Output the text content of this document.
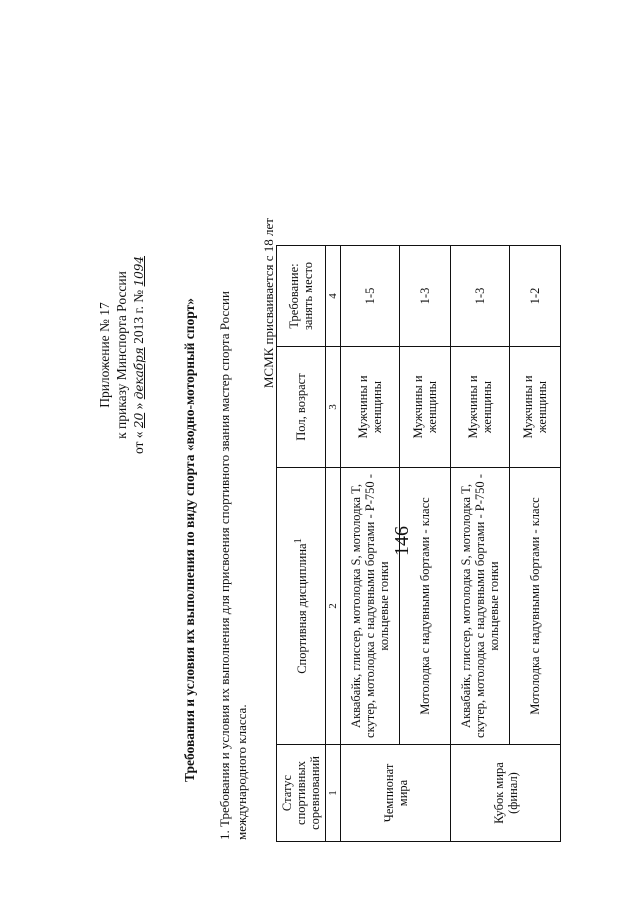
146
Приложение № 17 к приказу Минспорта России
от « 20 » декабря 2013 г. № 1094
Требования и условия их выполнения по виду спорта «водно-моторный спорт» 1. Требования и условия их выполнения для присвоения спортивного звания мастер спорта России международного класса.
МСМК присваивается с 18 лет
Статус спортивных соревнований	Спортивная дисциплина$^1$	Пол, возраст	Требование: занять место
1	2	3	4
Чемпионат мира	Аквабайк, глиссер, мотолодка S, мотолодка T, скутер, мотолодка с надувными бортами - Р-750 - кольцевые гонки	Мужчины и женщины	1-5
	Мотолодка с надувными бортами - класс	Мужчины и женщины	1-3
Кубок мира (финал)	Аквабайк, глиссер, мотолодка S, мотолодка T, скутер, мотолодка с надувными бортами - Р-750 - кольцевые гонки	Мужчины и женщины	1-3
	Мотолодка с надувными бортами - класс	Мужчины и женщины	1-2
